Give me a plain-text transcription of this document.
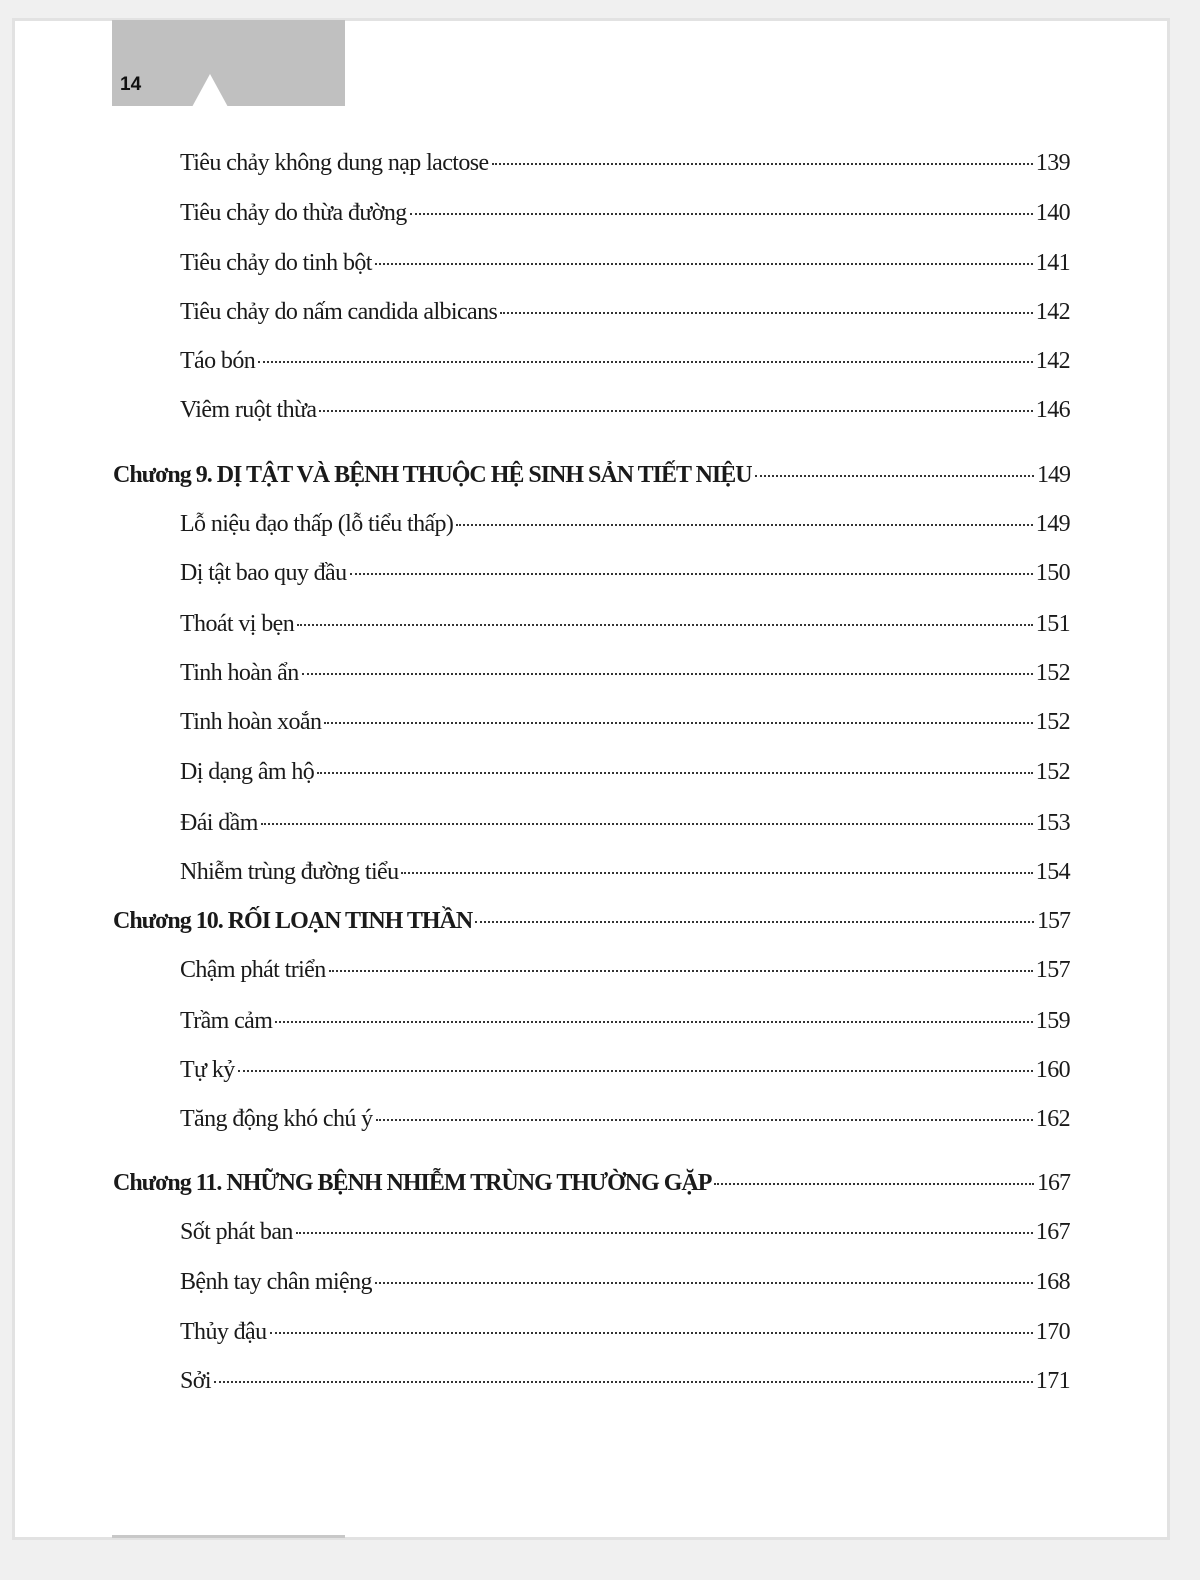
14
Tiêu chảy không dung nạp lactose	139
Tiêu chảy do thừa đường	140
Tiêu chảy do tinh bột	141
Tiêu chảy do nấm candida albicans	142
Táo bón	142
Viêm ruột thừa	146
Chương 9. DỊ TẬT VÀ BỆNH THUỘC HỆ SINH SẢN TIẾT NIỆU	149
Lỗ niệu đạo thấp (lỗ tiểu thấp)	149
Dị tật bao quy đầu	150
Thoát vị bẹn	151
Tinh hoàn ẩn	152
Tinh hoàn xoắn	152
Dị dạng âm hộ	152
Đái dầm	153
Nhiễm trùng đường tiểu	154
Chương 10. RỐI LOẠN TINH THẦN	157
Chậm phát triển	157
Trầm cảm	159
Tự kỷ	160
Tăng động khó chú ý	162
Chương 11. NHỮNG BỆNH NHIỄM TRÙNG THƯỜNG GẶP	167
Sốt phát ban	167
Bệnh tay chân miệng	168
Thủy đậu	170
Sởi	171
